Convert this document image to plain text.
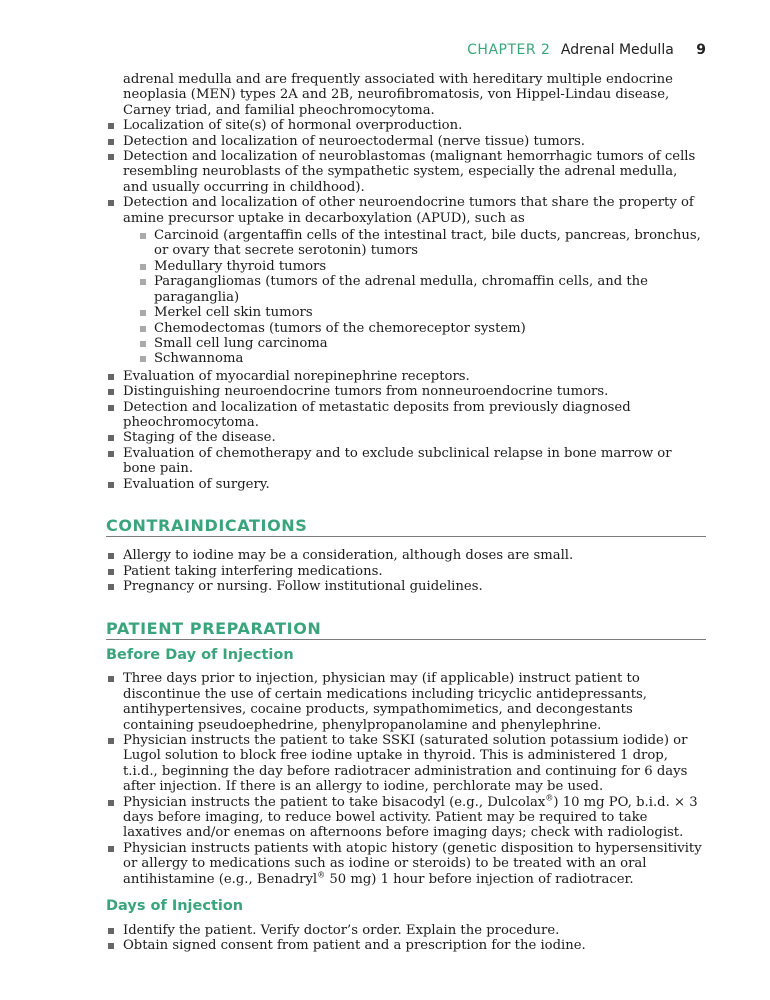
CHAPTER 2 Adrenal Medulla 9
adrenal medulla and are frequently associated with hereditary multiple endocrine neoplasia (MEN) types 2A and 2B, neurofibromatosis, von Hippel-Lindau disease, Carney triad, and familial pheochromocytoma.
Localization of site(s) of hormonal overproduction.
Detection and localization of neuroectodermal (nerve tissue) tumors.
Detection and localization of neuroblastomas (malignant hemorrhagic tumors of cells resembling neuroblasts of the sympathetic system, especially the adrenal medulla, and usually occurring in childhood).
Detection and localization of other neuroendocrine tumors that share the property of amine precursor uptake in decarboxylation (APUD), such as
Carcinoid (argentaffin cells of the intestinal tract, bile ducts, pancreas, bronchus, or ovary that secrete serotonin) tumors
Medullary thyroid tumors
Paragangliomas (tumors of the adrenal medulla, chromaffin cells, and the paraganglia)
Merkel cell skin tumors
Chemodectomas (tumors of the chemoreceptor system)
Small cell lung carcinoma
Schwannoma
Evaluation of myocardial norepinephrine receptors.
Distinguishing neuroendocrine tumors from nonneuroendocrine tumors.
Detection and localization of metastatic deposits from previously diagnosed pheochromocytoma.
Staging of the disease.
Evaluation of chemotherapy and to exclude subclinical relapse in bone marrow or bone pain.
Evaluation of surgery.
CONTRAINDICATIONS
Allergy to iodine may be a consideration, although doses are small.
Patient taking interfering medications.
Pregnancy or nursing. Follow institutional guidelines.
PATIENT PREPARATION
Before Day of Injection
Three days prior to injection, physician may (if applicable) instruct patient to discontinue the use of certain medications including tricyclic antidepressants, antihypertensives, cocaine products, sympathomimetics, and decongestants containing pseudoephedrine, phenylpropanolamine and phenylephrine.
Physician instructs the patient to take SSKI (saturated solution potassium iodide) or Lugol solution to block free iodine uptake in thyroid. This is administered 1 drop, t.i.d., beginning the day before radiotracer administration and continuing for 6 days after injection. If there is an allergy to iodine, perchlorate may be used.
Physician instructs the patient to take bisacodyl (e.g., Dulcolax®) 10 mg PO, b.i.d. × 3 days before imaging, to reduce bowel activity. Patient may be required to take laxatives and/or enemas on afternoons before imaging days; check with radiologist.
Physician instructs patients with atopic history (genetic disposition to hypersensitivity or allergy to medications such as iodine or steroids) to be treated with an oral antihistamine (e.g., Benadryl® 50 mg) 1 hour before injection of radiotracer.
Days of Injection
Identify the patient. Verify doctor’s order. Explain the procedure.
Obtain signed consent from patient and a prescription for the iodine.
